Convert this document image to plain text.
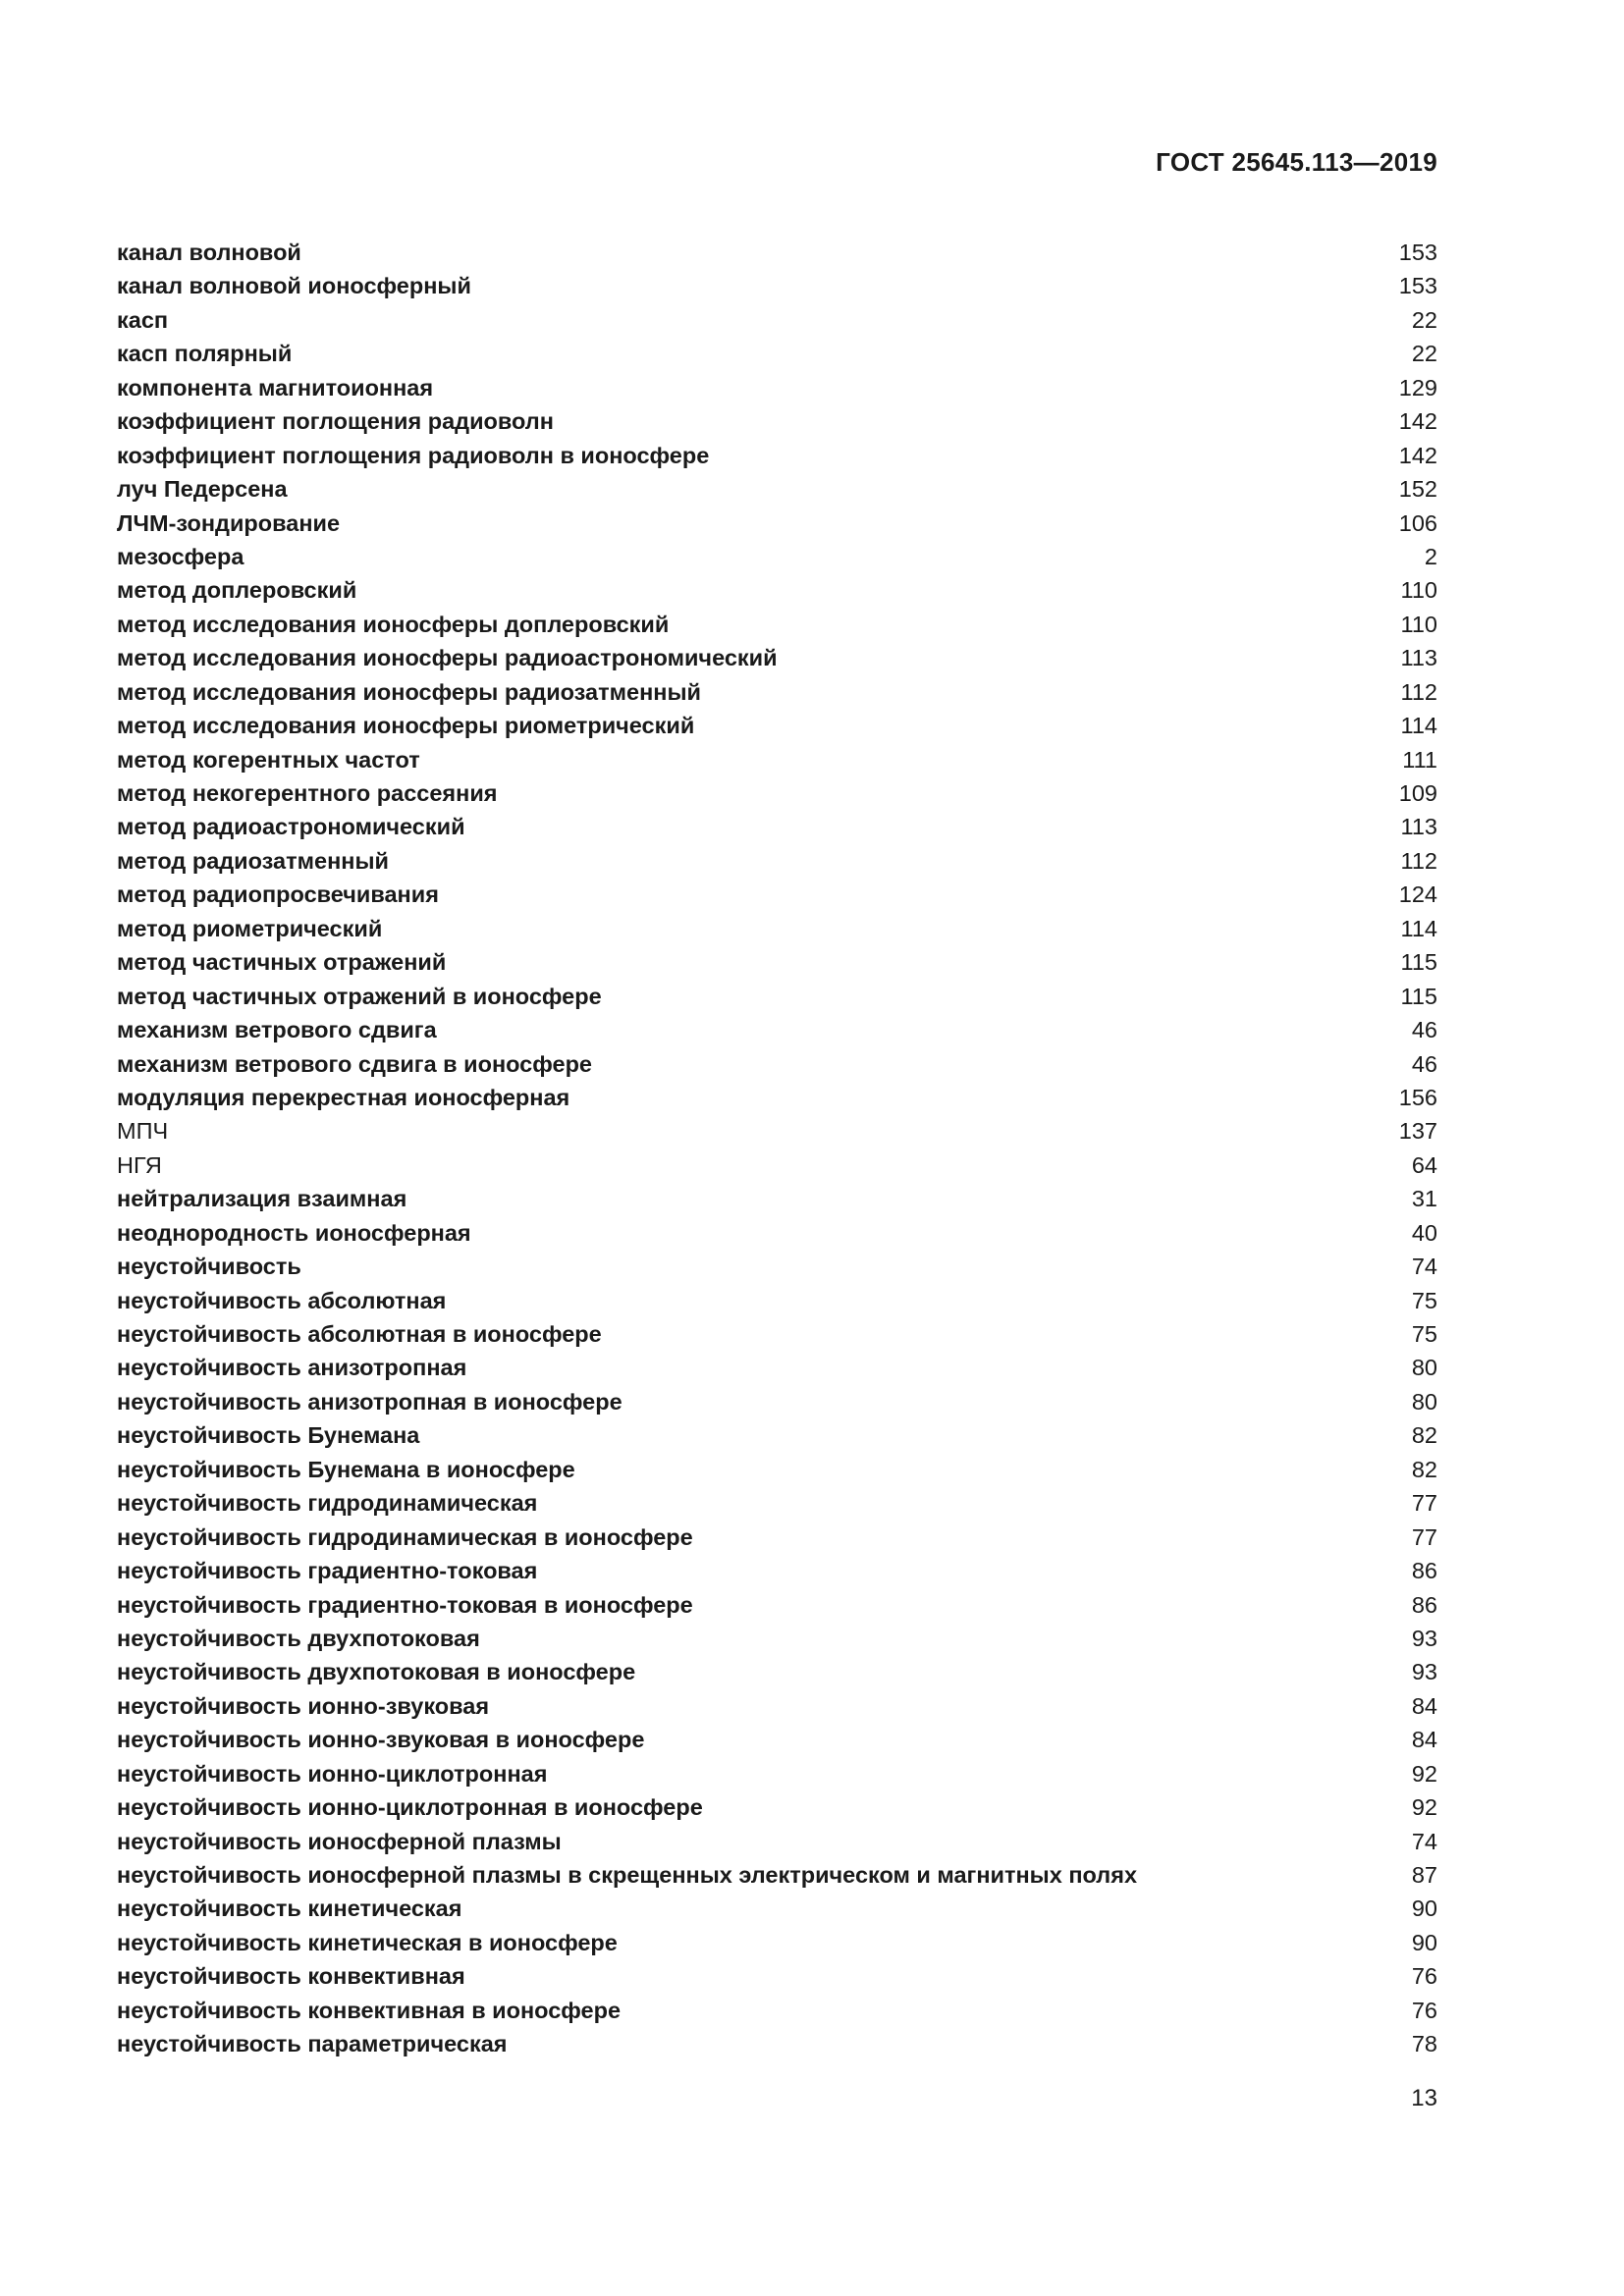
ГОСТ 25645.113—2019
канал волновой	153
канал волновой ионосферный	153
касп	22
касп полярный	22
компонента магнитоионная	129
коэффициент поглощения радиоволн	142
коэффициент поглощения радиоволн в ионосфере	142
луч Педерсена	152
ЛЧМ-зондирование	106
мезосфера	2
метод доплеровский	110
метод исследования ионосферы доплеровский	110
метод исследования ионосферы радиоастрономический	113
метод исследования ионосферы радиозатменный	112
метод исследования ионосферы риометрический	114
метод когерентных частот	111
метод некогерентного рассеяния	109
метод радиоастрономический	113
метод радиозатменный	112
метод радиопросвечивания	124
метод риометрический	114
метод частичных отражений	115
метод частичных отражений в ионосфере	115
механизм ветрового сдвига	46
механизм ветрового сдвига в ионосфере	46
модуляция перекрестная ионосферная	156
МПЧ	137
НГЯ	64
нейтрализация взаимная	31
неоднородность ионосферная	40
неустойчивость	74
неустойчивость абсолютная	75
неустойчивость абсолютная в ионосфере	75
неустойчивость анизотропная	80
неустойчивость анизотропная в ионосфере	80
неустойчивость Бунемана	82
неустойчивость Бунемана в ионосфере	82
неустойчивость гидродинамическая	77
неустойчивость гидродинамическая в ионосфере	77
неустойчивость градиентно-токовая	86
неустойчивость градиентно-токовая в ионосфере	86
неустойчивость двухпотоковая	93
неустойчивость двухпотоковая в ионосфере	93
неустойчивость ионно-звуковая	84
неустойчивость ионно-звуковая в ионосфере	84
неустойчивость ионно-циклотронная	92
неустойчивость ионно-циклотронная в ионосфере	92
неустойчивость ионосферной плазмы	74
неустойчивость ионосферной плазмы в скрещенных электрическом и магнитных полях	87
неустойчивость кинетическая	90
неустойчивость кинетическая в ионосфере	90
неустойчивость конвективная	76
неустойчивость конвективная в ионосфере	76
неустойчивость параметрическая	78
13
